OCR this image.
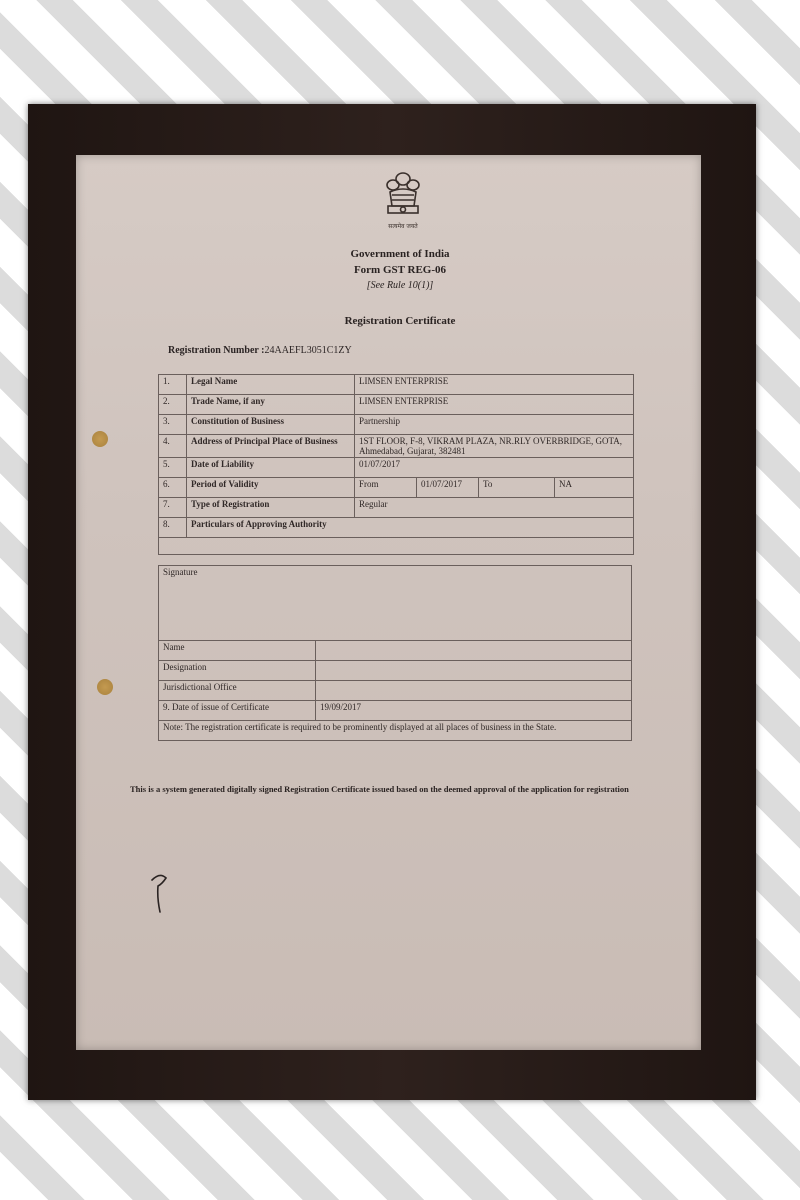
सत्यमेव जयते
Government of India
Form GST REG-06
[See Rule 10(1)]
Registration Certificate
Registration Number :24AAEFL3051C1ZY
1.	Legal Name	LIMSEN ENTERPRISE			
2.	Trade Name, if any	LIMSEN ENTERPRISE			
3.	Constitution of Business	Partnership			
4.	Address of Principal Place of Business	1ST FLOOR, F-8, VIKRAM PLAZA, NR.RLY OVERBRIDGE, GOTA, Ahmedabad, Gujarat, 382481			
5.	Date of Liability	01/07/2017			
6.	Period of Validity	From	01/07/2017	To	NA
7.	Type of Registration	Regular			
8.	Particulars of Approving Authority				

Signature	
Name	
Designation	
Jurisdictional Office	
9. Date of issue of Certificate	19/09/2017
Note: The registration certificate is required to be prominently displayed at all places of business in the State.	
This is a system generated digitally signed Registration Certificate issued based on the deemed approval of the application for registration
